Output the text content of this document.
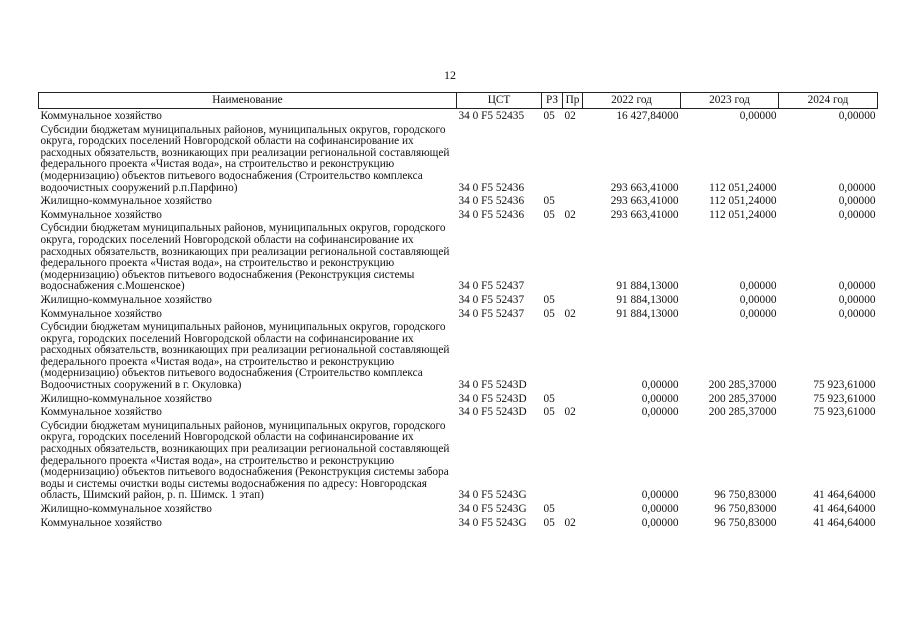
12
Наименование	ЦСТ	РЗ	Пр	2022 год	2023 год	2024 год
Коммунальное хозяйство	34 0 F5 52435	05	02	16 427,84000	0,00000	0,00000
Субсидии бюджетам муниципальных районов, муниципальных округов, городского округа, городских поселений Новгородской области на софинансирование их расходных обязательств, возникающих при реализации региональной составляющей федерального проекта «Чистая вода», на строительство и реконструкцию (модернизацию) объектов питьевого водоснабжения (Строительство комплекса водоочистных сооружений р.п.Парфино)	34 0 F5 52436			293 663,41000	112 051,24000	0,00000
Жилищно-коммунальное хозяйство	34 0 F5 52436	05		293 663,41000	112 051,24000	0,00000
Коммунальное хозяйство	34 0 F5 52436	05	02	293 663,41000	112 051,24000	0,00000
Субсидии бюджетам муниципальных районов, муниципальных округов, городского округа, городских поселений Новгородской области на софинансирование их расходных обязательств, возникающих при реализации региональной составляющей федерального проекта «Чистая вода», на строительство и реконструкцию (модернизацию) объектов питьевого водоснабжения (Реконструкция системы водоснабжения с.Мошенское)	34 0 F5 52437			91 884,13000	0,00000	0,00000
Жилищно-коммунальное хозяйство	34 0 F5 52437	05		91 884,13000	0,00000	0,00000
Коммунальное хозяйство	34 0 F5 52437	05	02	91 884,13000	0,00000	0,00000
Субсидии бюджетам муниципальных районов, муниципальных округов, городского округа, городских поселений Новгородской области на софинансирование их расходных обязательств, возникающих при реализации региональной составляющей федерального проекта «Чистая вода», на строительство и реконструкцию (модернизацию) объектов питьевого водоснабжения (Строительство комплекса Водоочистных сооружений в г. Окуловка)	34 0 F5 5243D			0,00000	200 285,37000	75 923,61000
Жилищно-коммунальное хозяйство	34 0 F5 5243D	05		0,00000	200 285,37000	75 923,61000
Коммунальное хозяйство	34 0 F5 5243D	05	02	0,00000	200 285,37000	75 923,61000
Субсидии бюджетам муниципальных районов, муниципальных округов, городского округа, городских поселений Новгородской области на софинансирование их расходных обязательств, возникающих при реализации региональной составляющей федерального проекта «Чистая вода», на строительство и реконструкцию (модернизацию) объектов питьевого водоснабжения (Реконструкция системы забора воды и системы очистки воды системы водоснабжения по адресу: Новгородская область, Шимский район, р. п. Шимск. 1 этап)	34 0 F5 5243G			0,00000	96 750,83000	41 464,64000
Жилищно-коммунальное хозяйство	34 0 F5 5243G	05		0,00000	96 750,83000	41 464,64000
Коммунальное хозяйство	34 0 F5 5243G	05	02	0,00000	96 750,83000	41 464,64000
